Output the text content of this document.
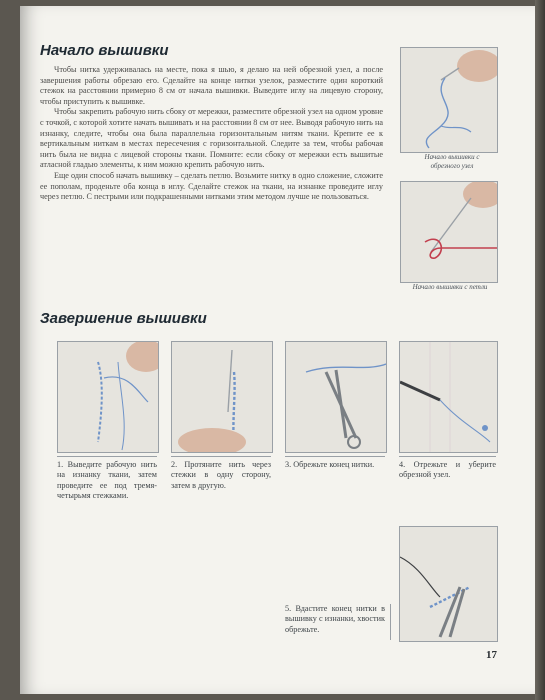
Начало вышивки

Чтобы нитка удерживалась на месте, пока я шью, я делаю на ней обрезной узел, а после завершения работы обрезаю его. Сделайте на конце нитки узелок, разместите один короткий стежок на расстоянии примерно 8 см от начала вышивки. Выведите иглу на лицевую сторону, чтобы приступить к вышивке.

Чтобы закрепить рабочую нить сбоку от мережки, разместите обрезной узел на одном уровне с точкой, с которой хотите начать вышивать и на расстоянии 8 см от нее. Выводя рабочую нить на изнанку, следите, чтобы она была параллельна горизонтальным нитям ткани. Крепите ее к вертикальным ниткам в местах пересечения с горизонтальной. Следите за тем, чтобы рабочая нить была не видна с лицевой стороны ткани. Помните: если сбоку от мережки есть вышитые атласной гладью элементы, к ним можно крепить рабочую нить.

Еще один способ начать вышивку – сделать петлю. Возьмите нитку в одно сложение, сложите ее пополам, проденьте оба конца в иглу. Сделайте стежок на ткани, на изнанке проведите иглу через петлю. С пестрыми или подкрашенными нитками этим методом лучше не пользоваться.

Начало вышивки с обрезного узел

Начало вышивки с петли

Завершение вышивки

1. Выведите рабочую нить на изнанку ткани, затем проведите ее под тремя-четырьмя стежками.

2. Протяните нить через стежки в одну сторону, затем в другую.

3. Обрежьте конец нитки.	4. Отрежьте и уберите обрезной узел.

5. Вдастите конец нитки в вышивку с изнанки, хвостик обрежьте.

17
